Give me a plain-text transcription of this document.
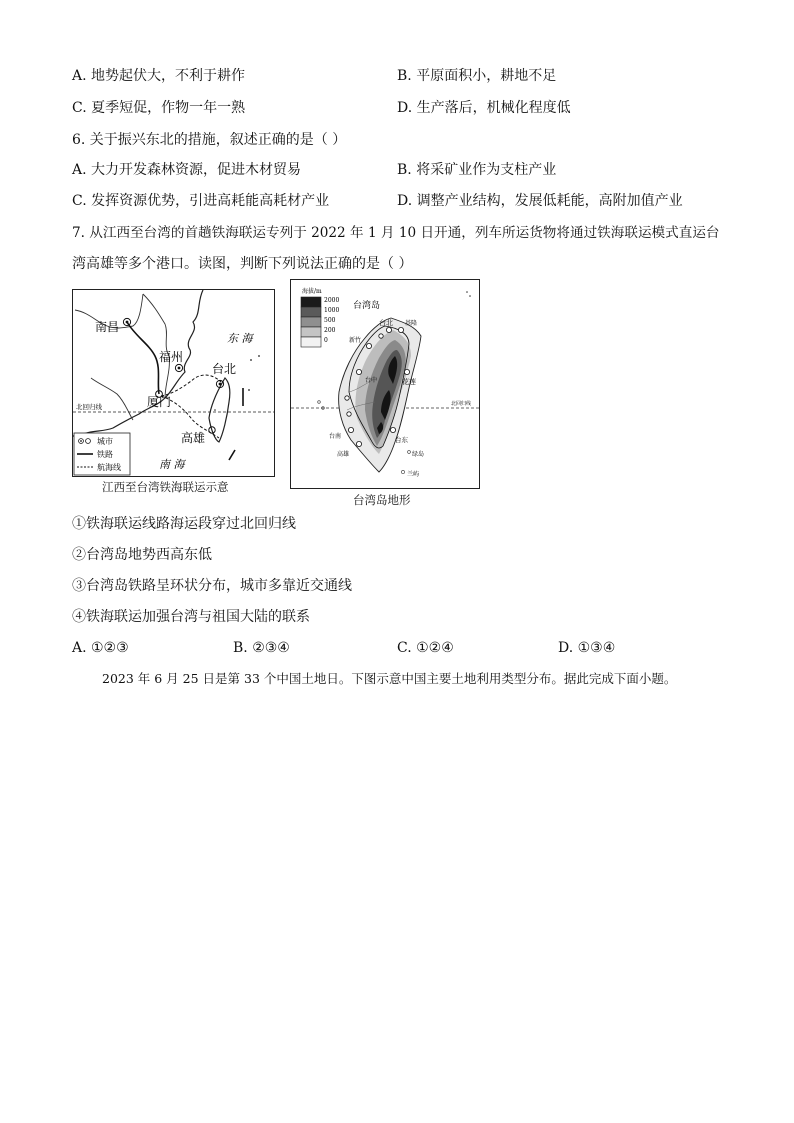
A. 地势起伏大，不利于耕作	B. 平原面积小，耕地不足
C. 夏季短促，作物一年一熟	D. 生产落后，机械化程度低
6. 关于振兴东北的措施，叙述正确的是（ ）
A. 大力开发森林资源，促进木材贸易	B. 将采矿业作为支柱产业
C. 发挥资源优势，引进高耗能高耗材产业	D. 调整产业结构，发展低耗能，高附加值产业
7. 从江西至台湾的首趟铁海联运专列于 2022 年 1 月 10 日开通，列车所运货物将通过铁海联运模式直运台
湾高雄等多个港口。读图，判断下列说法正确的是（ ）
南昌
福州
厦门
台北
高雄
东 海
南 海
北回归线
城市
铁路
航海线
江西至台湾铁海联运示意
海拔/m
2000
1000
500
200
0
台湾岛
北回归线
台北 基隆
新竹
台中	花莲
台南
高雄
台东
绿岛
兰屿
台湾岛地形
①铁海联运线路海运段穿过北回归线
②台湾岛地势西高东低
③台湾岛铁路呈环状分布，城市多靠近交通线
④铁海联运加强台湾与祖国大陆的联系
A. ①②③	B. ②③④	C. ①②④	D. ①③④
2023 年 6 月 25 日是第 33 个中国土地日。下图示意中国主要土地利用类型分布。据此完成下面小题。
